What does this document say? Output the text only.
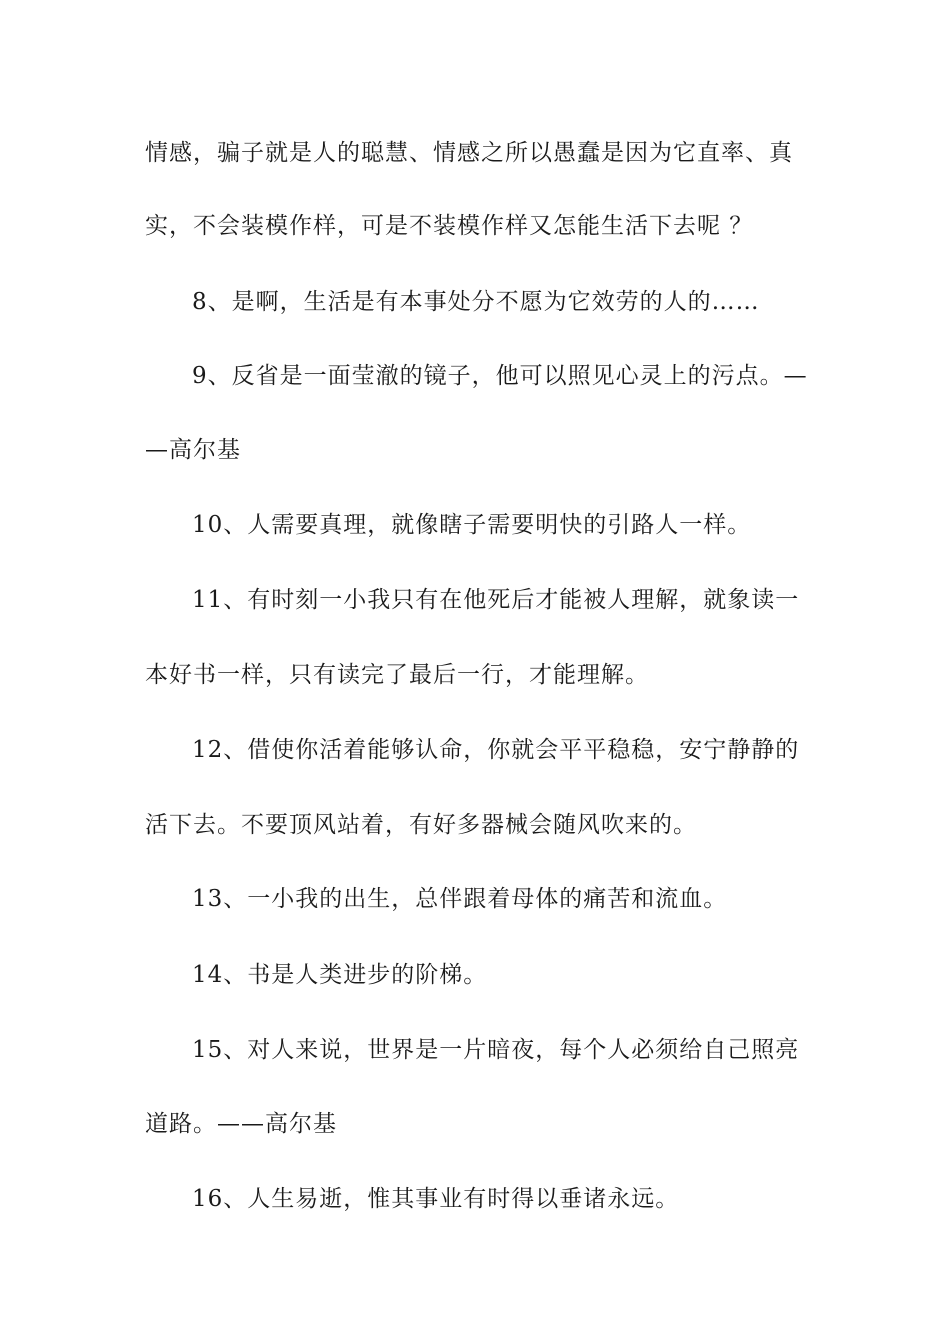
情感，骗子就是人的聪慧、情感之所以愚蠢是因为它直率、真
实，不会装模作样，可是不装模作样又怎能生活下去呢 ？
8、是啊，生活是有本事处分不愿为它效劳的人的……
9、反省是一面莹澈的镜子，他可以照见心灵上的污点。—
—高尔基
10、人需要真理，就像瞎子需要明快的引路人一样。
11、有时刻一小我只有在他死后才能被人理解，就象读一
本好书一样，只有读完了最后一行，才能理解。
12、借使你活着能够认命，你就会平平稳稳，安宁静静的
活下去。不要顶风站着，有好多器械会随风吹来的。
13、一小我的出生，总伴跟着母体的痛苦和流血。
14、书是人类进步的阶梯。
15、对人来说，世界是一片暗夜，每个人必须给自己照亮
道路。——高尔基
16、人生易逝，惟其事业有时得以垂诸永远。
